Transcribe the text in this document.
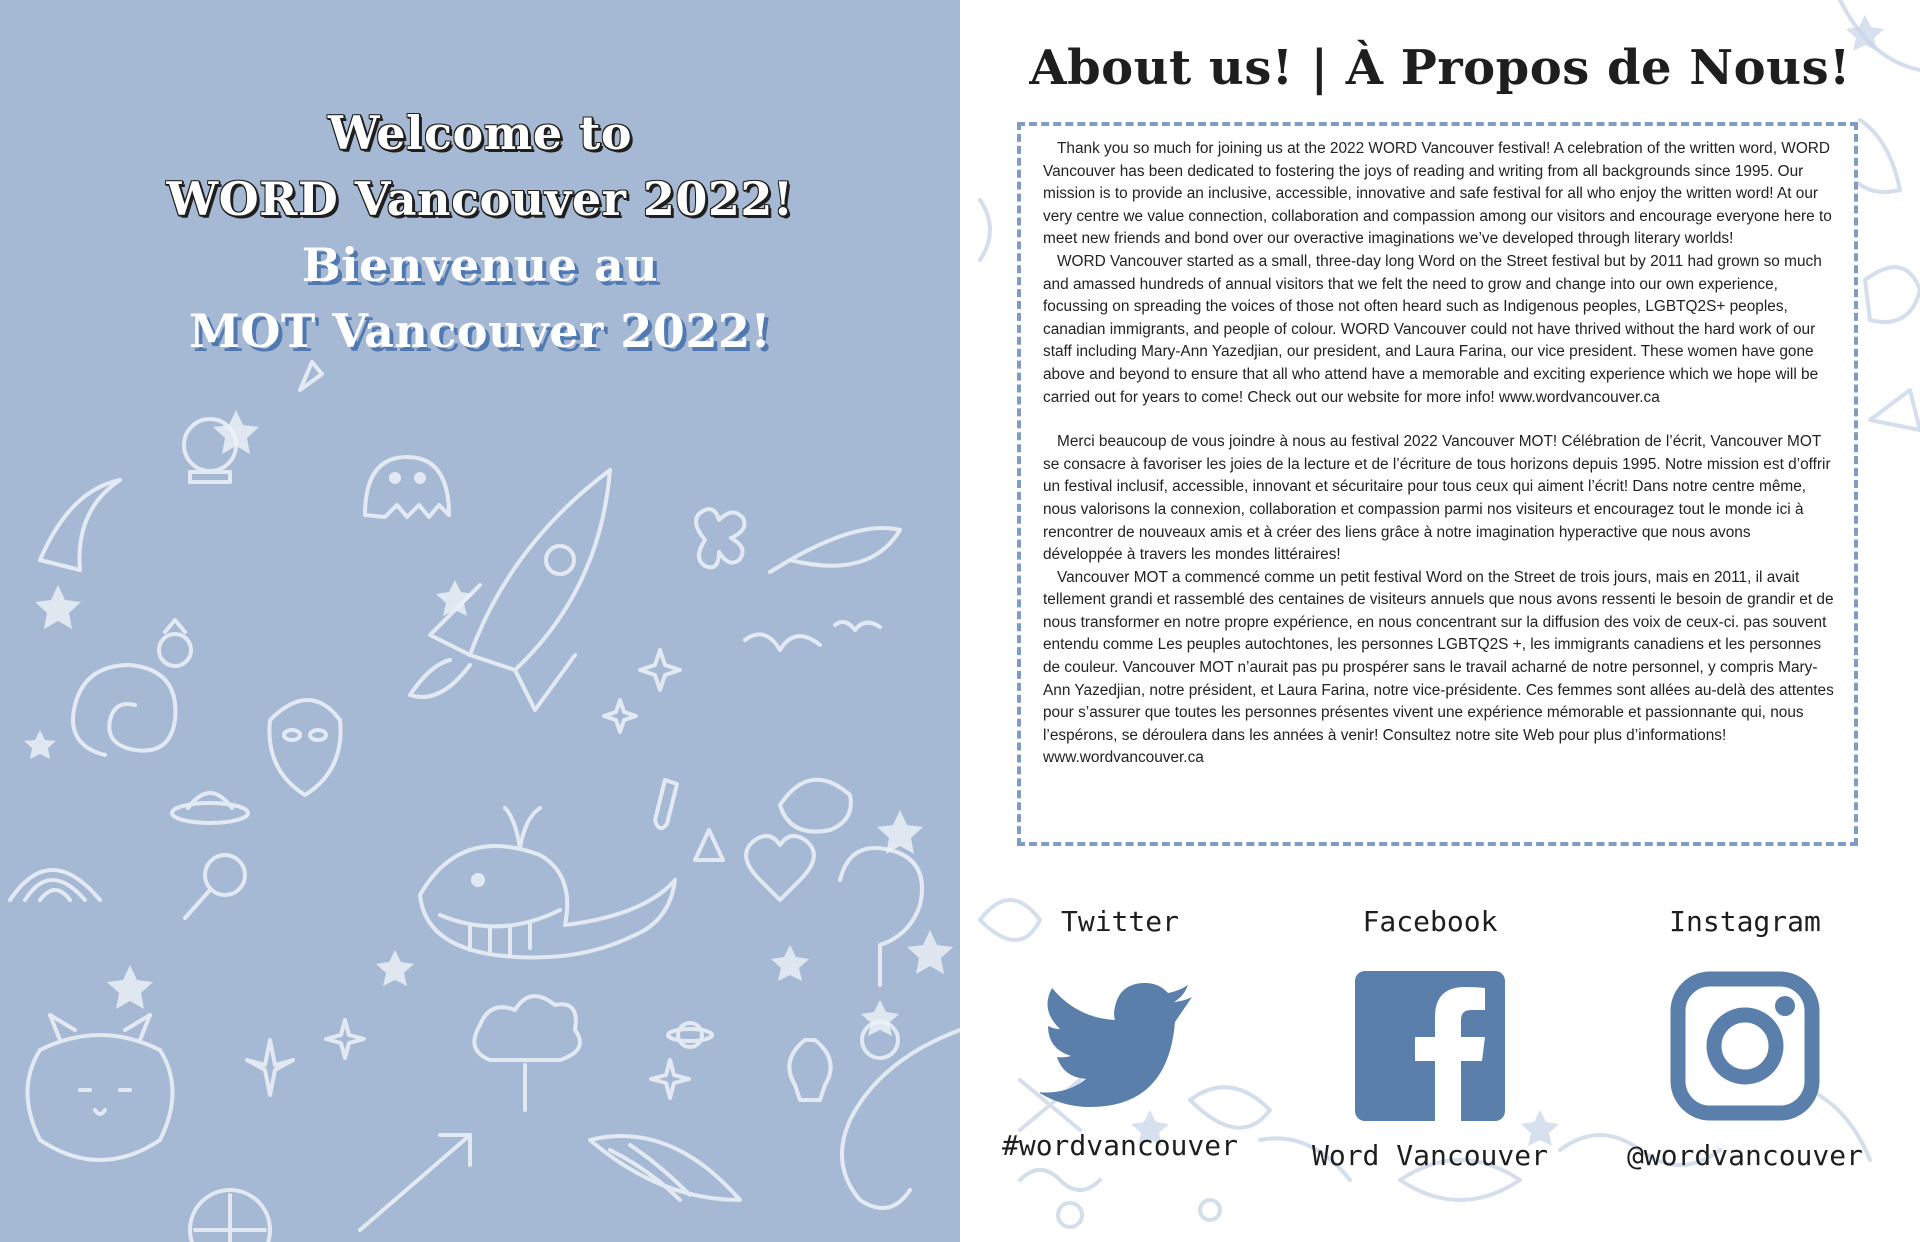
Welcome to
WORD Vancouver 2022!
Bienvenue au
MOT Vancouver 2022!
About us! | À Propos de Nous!

Thank you so much for joining us at the 2022 WORD Vancouver festival! A celebration of the written word, WORD Vancouver has been dedicated to fostering the joys of reading and writing from all backgrounds since 1995. Our mission is to provide an inclusive, accessible, innovative and safe festival for all who enjoy the written word! At our very centre we value connection, collaboration and compassion among our visitors and encourage everyone here to meet new friends and bond over our overactive imaginations we’ve developed through literary worlds!

WORD Vancouver started as a small, three-day long Word on the Street festival but by 2011 had grown so much and amassed hundreds of annual visitors that we felt the need to grow and change into our own experience, focussing on spreading the voices of those not often heard such as Indigenous peoples, LGBTQ2S+ peoples, canadian immigrants, and people of colour. WORD Vancouver could not have thrived without the hard work of our staff including Mary-Ann Yazedjian, our president, and Laura Farina, our vice president. These women have gone above and beyond to ensure that all who attend have a memorable and exciting experience which we hope will be carried out for years to come! Check out our website for more info! www.wordvancouver.ca

Merci beaucoup de vous joindre à nous au festival 2022 Vancouver MOT! Célébration de l’écrit, Vancouver MOT se consacre à favoriser les joies de la lecture et de l’écriture de tous horizons depuis 1995. Notre mission est d’offrir un festival inclusif, accessible, innovant et sécuritaire pour tous ceux qui aiment l’écrit! Dans notre centre même, nous valorisons la connexion, collaboration et compassion parmi nos visiteurs et encouragez tout le monde ici à rencontrer de nouveaux amis et à créer des liens grâce à notre imagination hyperactive que nous avons développée à travers les mondes littéraires!

Vancouver MOT a commencé comme un petit festival Word on the Street de trois jours, mais en 2011, il avait tellement grandi et rassemblé des centaines de visiteurs annuels que nous avons ressenti le besoin de grandir et de nous transformer en notre propre expérience, en nous concentrant sur la diffusion des voix de ceux-ci. pas souvent entendu comme Les peuples autochtones, les personnes LGBTQ2S +, les immigrants canadiens et les personnes de couleur. Vancouver MOT n’aurait pas pu prospérer sans le travail acharné de notre personnel, y compris Mary-Ann Yazedjian, notre président, et Laura Farina, notre vice-présidente. Ces femmes sont allées au-delà des attentes pour s’assurer que toutes les personnes présentes vivent une expérience mémorable et passionnante qui, nous l’espérons, se déroulera dans les années à venir! Consultez notre site Web pour plus d’informations! www.wordvancouver.ca

Twitter
#wordvancouver
Facebook
Word Vancouver
Instagram
@wordvancouver
